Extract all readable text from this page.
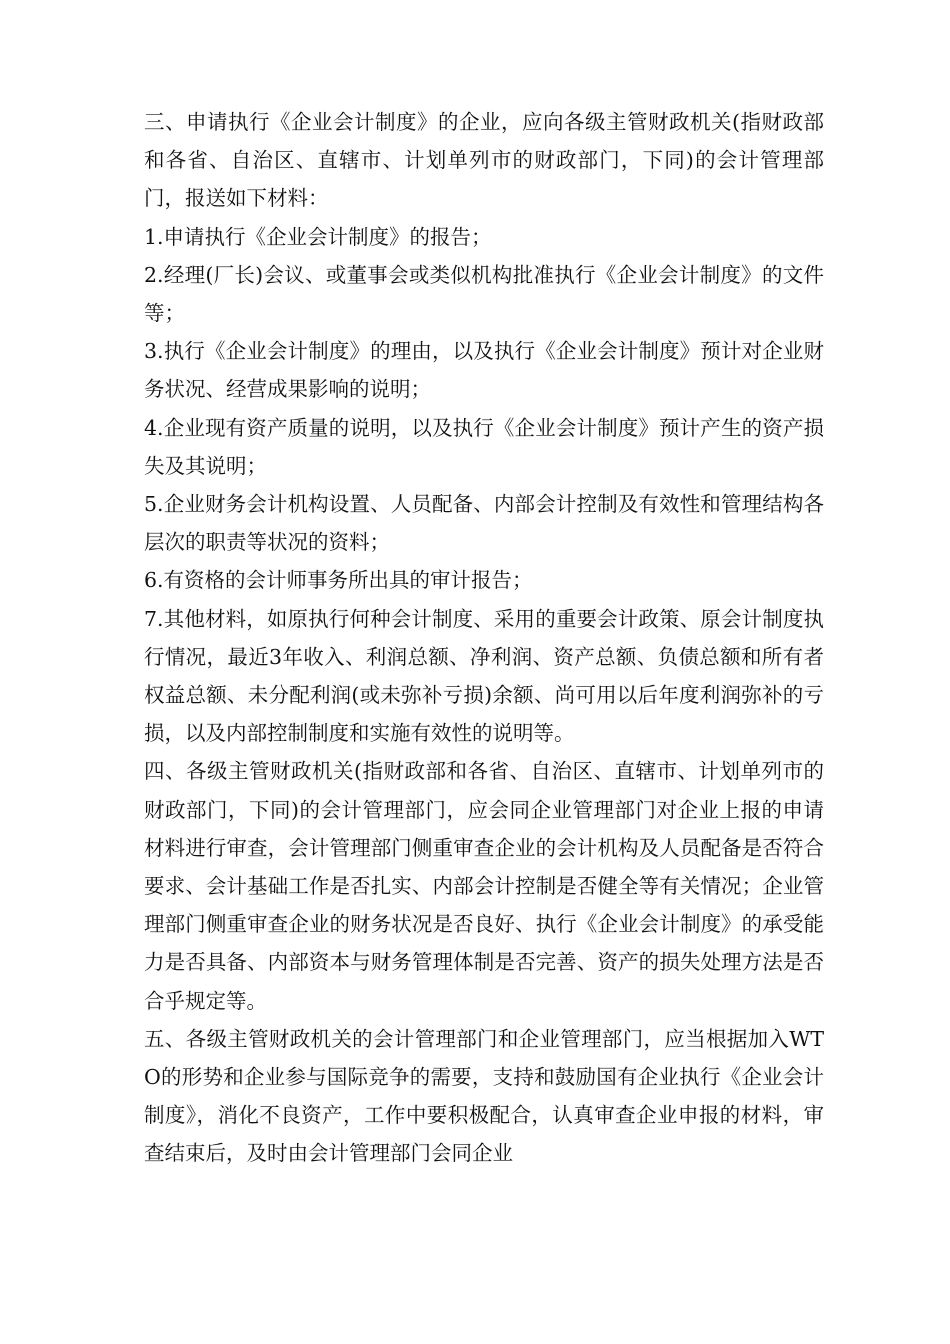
三、申请执行《企业会计制度》的企业，应向各级主管财政机关(指财政部和各省、自治区、直辖市、计划单列市的财政部门，下同)的会计管理部门，报送如下材料：

1.申请执行《企业会计制度》的报告；

2.经理(厂长)会议、或董事会或类似机构批准执行《企业会计制度》的文件等；

3.执行《企业会计制度》的理由，以及执行《企业会计制度》预计对企业财务状况、经营成果影响的说明；

4.企业现有资产质量的说明，以及执行《企业会计制度》预计产生的资产损失及其说明；

5.企业财务会计机构设置、人员配备、内部会计控制及有效性和管理结构各层次的职责等状况的资料；

6.有资格的会计师事务所出具的审计报告；

7.其他材料，如原执行何种会计制度、采用的重要会计政策、原会计制度执行情况，最近3年收入、利润总额、净利润、资产总额、负债总额和所有者权益总额、未分配利润(或未弥补亏损)余额、尚可用以后年度利润弥补的亏损，以及内部控制制度和实施有效性的说明等。

四、各级主管财政机关(指财政部和各省、自治区、直辖市、计划单列市的财政部门，下同)的会计管理部门，应会同企业管理部门对企业上报的申请材料进行审查，会计管理部门侧重审查企业的会计机构及人员配备是否符合要求、会计基础工作是否扎实、内部会计控制是否健全等有关情况；企业管理部门侧重审查企业的财务状况是否良好、执行《企业会计制度》的承受能力是否具备、内部资本与财务管理体制是否完善、资产的损失处理方法是否合乎规定等。

五、各级主管财政机关的会计管理部门和企业管理部门，应当根据加入WTO的形势和企业参与国际竞争的需要，支持和鼓励国有企业执行《企业会计制度》，消化不良资产，工作中要积极配合，认真审查企业申报的材料，审查结束后，及时由会计管理部门会同企业
